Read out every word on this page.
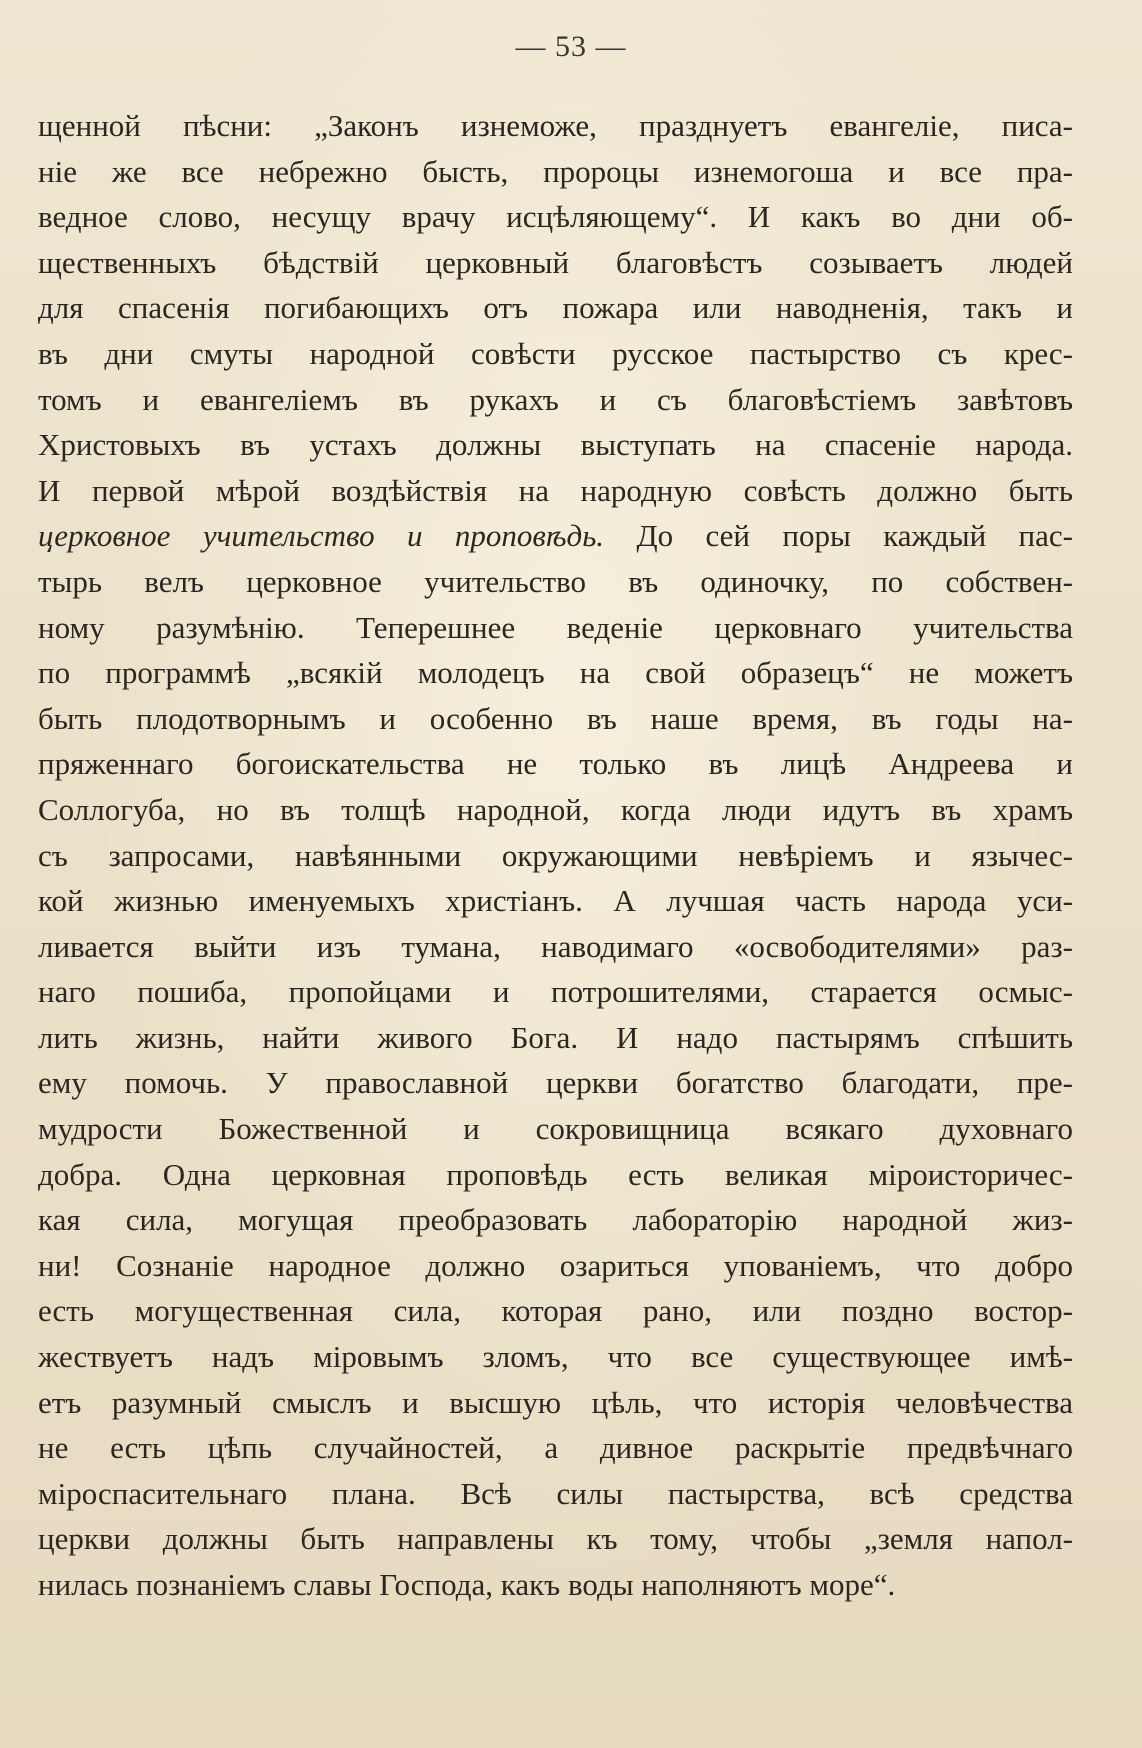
— 53 —
щенной пѣсни: „Законъ изнеможе, празднуетъ евангеліе, писа-
ніе же все небрежно бысть, пророцы изнемогоша и все пра-
ведное слово, несущу врачу исцѣляющему“. И какъ во дни об-
щественныхъ бѣдствій церковный благовѣстъ созываетъ людей
для спасенія погибающихъ отъ пожара или наводненія, такъ и
въ дни смуты народной совѣсти русское пастырство съ крес-
томъ и евангеліемъ въ рукахъ и съ благовѣстіемъ завѣтовъ
Христовыхъ въ устахъ должны выступать на спасеніе народа.
И первой мѣрой воздѣйствія на народную совѣсть должно быть
церковное учительство и проповѣдь. До сей поры каждый пас-
тырь велъ церковное учительство въ одиночку, по собствен-
ному разумѣнію. Теперешнее веденіе церковнаго учительства
по программѣ „всякій молодецъ на свой образецъ“ не можетъ
быть плодотворнымъ и особенно въ наше время, въ годы на-
пряженнаго богоискательства не только въ лицѣ Андреева и
Соллогуба, но въ толщѣ народной, когда люди идутъ въ храмъ
съ запросами, навѣянными окружающими невѣріемъ и язычес-
кой жизнью именуемыхъ христіанъ. А лучшая часть народа уси-
ливается выйти изъ тумана, наводимаго «освободителями» раз-
наго пошиба, пропойцами и потрошителями, старается осмыс-
лить жизнь, найти живого Бога. И надо пастырямъ спѣшить
ему помочь. У православной церкви богатство благодати, пре-
мудрости Божественной и сокровищница всякаго духовнаго
добра. Одна церковная проповѣдь есть великая міроисторичес-
кая сила, могущая преобразовать лабораторію народной жиз-
ни! Сознаніе народное должно озариться упованіемъ, что добро
есть могущественная сила, которая рано, или поздно востор-
жествуетъ надъ міровымъ зломъ, что все существующее имѣ-
етъ разумный смыслъ и высшую цѣль, что исторія человѣчества
не есть цѣпь случайностей, а дивное раскрытіе предвѣчнаго
міроспасительнаго плана. Всѣ силы пастырства, всѣ средства
церкви должны быть направлены къ тому, чтобы „земля напол-
нилась познаніемъ славы Господа, какъ воды наполняютъ море“.
